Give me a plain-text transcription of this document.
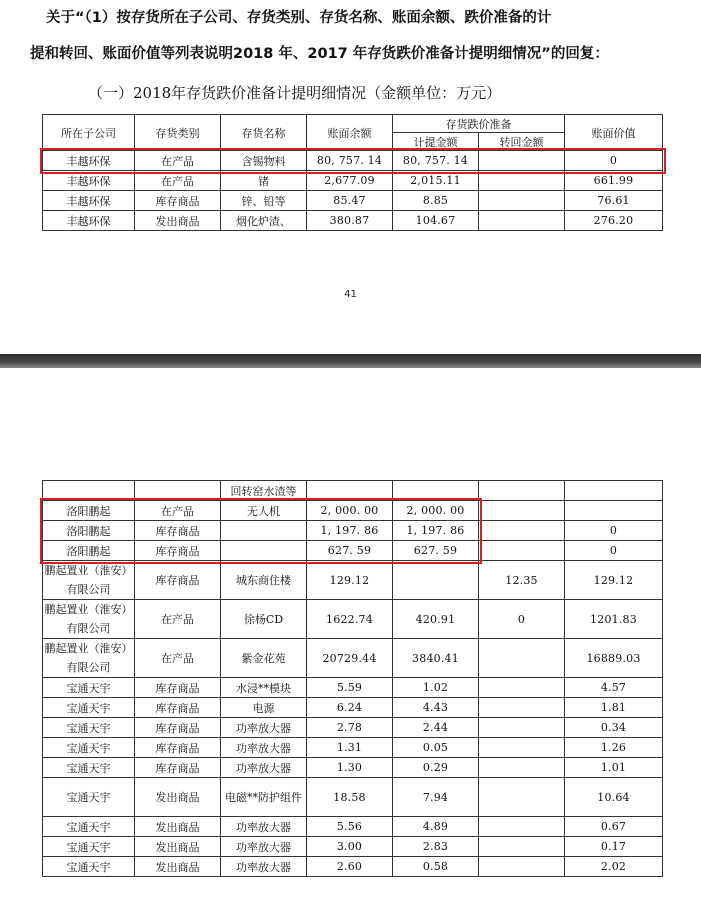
关于“（1）按存货所在子公司、存货类别、存货名称、账面余额、跌价准备的计
提和转回、账面价值等列表说明2018 年、2017 年存货跌价准备计提明细情况”的回复：
（一）2018年存货跌价准备计提明细情况（金额单位：万元）
所在子公司	存货类别	存货名称	账面余额	存货跌价准备		账面价值
				计提金额	转回金额	
丰越环保	在产品	含锡物料	80, 757. 14	80, 757. 14		0
丰越环保	在产品	锗	2,677.09	2,015.11		661.99
丰越环保	库存商品	锌、铅等	85.47	8.85		76.61
丰越环保	发出商品	烟化炉渣、	380.87	104.67		276.20
41
		回转窑水渣等				
洛阳鹏起	在产品	无人机	2, 000. 00	2, 000. 00		
洛阳鹏起	库存商品		1, 197. 86	1, 197. 86		0
洛阳鹏起	库存商品		627. 59	627. 59		0
鹏起置业（淮安）有限公司	库存商品	城东商住楼	129.12		12.35	129.12
鹏起置业（淮安）有限公司	在产品	徐杨CD	1622.74	420.91	0	1201.83
鹏起置业（淮安）有限公司	在产品	紫金花苑	20729.44	3840.41		16889.03
宝通天宇	库存商品	水浸**模块	5.59	1.02		4.57
宝通天宇	库存商品	电源	6.24	4.43		1.81
宝通天宇	库存商品	功率放大器	2.78	2.44		0.34
宝通天宇	库存商品	功率放大器	1.31	0.05		1.26
宝通天宇	库存商品	功率放大器	1.30	0.29		1.01
宝通天宇	发出商品	电磁**防护组件	18.58	7.94		10.64
宝通天宇	发出商品	功率放大器	5.56	4.89		0.67
宝通天宇	发出商品	功率放大器	3.00	2.83		0.17
宝通天宇	发出商品	功率放大器	2.60	0.58		2.02
